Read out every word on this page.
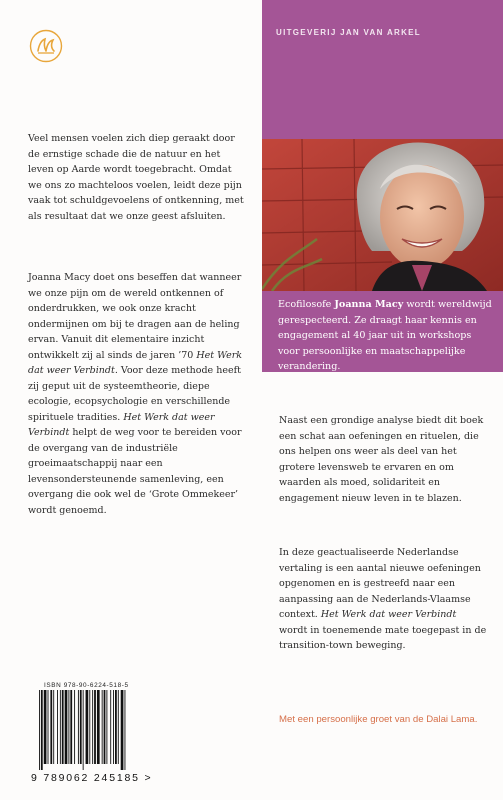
UITGEVERIJ JAN VAN ARKEL
Ecofilosofe Joanna Macy wordt wereldwijd gerespecteerd. Ze draagt haar kennis en engagement al 40 jaar uit in workshops voor persoonlijke en maatschappelijke verandering.

Veel mensen voelen zich diep geraakt door de ernstige schade die de natuur en het leven op Aarde wordt toegebracht. Omdat we ons zo machteloos voelen, leidt deze pijn vaak tot schuldgevoelens of ontkenning, met als resultaat dat we onze geest afsluiten.

Joanna Macy doet ons beseffen dat wanneer we onze pijn om de wereld ontkennen of onderdrukken, we ook onze kracht ondermijnen om bij te dragen aan de heling ervan. Vanuit dit elementaire inzicht ontwikkelt zij al sinds de jaren ’70 Het Werk dat weer Verbindt. Voor deze methode heeft zij geput uit de systeemtheorie, diepe ecologie, ecopsychologie en verschillende spirituele tradities. Het Werk dat weer Verbindt helpt de weg voor te bereiden voor de overgang van de industriële groeimaatschappij naar een levensondersteunende samenleving, een overgang die ook wel de ‘Grote Ommekeer’ wordt genoemd.

Naast een grondige analyse biedt dit boek een schat aan oefeningen en rituelen, die ons helpen ons weer als deel van het grotere levensweb te ervaren en om waarden als moed, solidariteit en engagement nieuw leven in te blazen.

In deze geactualiseerde Nederlandse vertaling is een aantal nieuwe oefeningen opgenomen en is gestreefd naar een aanpassing aan de Nederlands-Vlaamse context. Het Werk dat weer Verbindt wordt in toenemende mate toegepast in de transition-town beweging.

Met een persoonlijke groet van de Dalai Lama.
ISBN 978-90-6224-518-5
9 789062 245185 >
